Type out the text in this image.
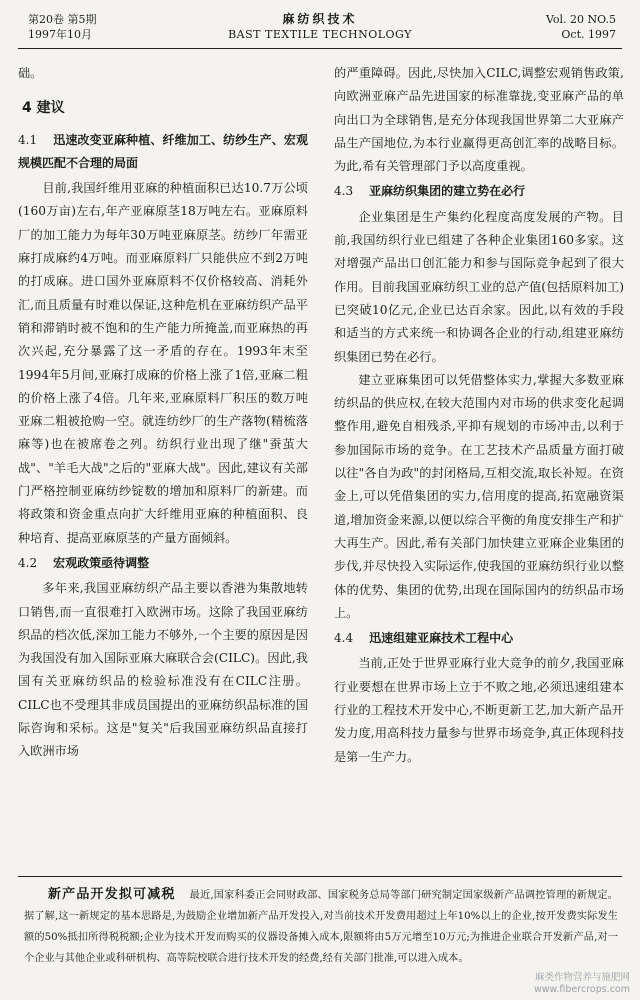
第20卷 第5期
1997年10月
麻纺织技术
BAST TEXTILE TECHNOLOGY
Vol. 20 NO.5
Oct. 1997

础。

4 建议
4.1 迅速改变亚麻种植、纤维加工、纺纱生产、宏观规模匹配不合理的局面

目前,我国纤维用亚麻的种植面积已达10.7万公顷(160万亩)左右,年产亚麻原茎18万吨左右。亚麻原料厂的加工能力为每年30万吨亚麻原茎。纺纱厂年需亚麻打成麻约4万吨。而亚麻原料厂只能供应不到2万吨的打成麻。进口国外亚麻原料不仅价格较高、消耗外汇,而且质量有时难以保证,这种危机在亚麻纺织产品平销和滞销时被不饱和的生产能力所掩盖,而亚麻热的再次兴起,充分暴露了这一矛盾的存在。1993年末至1994年5月间,亚麻打成麻的价格上涨了1倍,亚麻二粗的价格上涨了4倍。几年来,亚麻原料厂积压的数万吨亚麻二粗被抢购一空。就连纺纱厂的生产落物(精梳落麻等)也在被席卷之列。纺织行业出现了继"蚕茧大战"、"羊毛大战"之后的"亚麻大战"。因此,建议有关部门严格控制亚麻纺纱锭数的增加和原料厂的新建。而将政策和资金重点向扩大纤维用亚麻的种植面积、良种培育、提高亚麻原茎的产量方面倾斜。

4.2 宏观政策亟待调整

多年来,我国亚麻纺织产品主要以香港为集散地转口销售,而一直很难打入欧洲市场。这除了我国亚麻纺织品的档次低,深加工能力不够外,一个主要的原因是因为我国没有加入国际亚麻大麻联合会(CILC)。因此,我国有关亚麻纺织品的检验标准没有在CILC注册。CILC也不受理其非成员国提出的亚麻纺织品标准的国际咨询和采标。这是"复关"后我国亚麻纺织品直接打入欧洲市场

的严重障碍。因此,尽快加入CILC,调整宏观销售政策,向欧洲亚麻产品先进国家的标准靠拢,变亚麻产品的单向出口为全球销售,是充分体现我国世界第二大亚麻产品生产国地位,为本行业赢得更高创汇率的战略目标。为此,希有关管理部门予以高度重视。

4.3 亚麻纺织集团的建立势在必行

企业集团是生产集约化程度高度发展的产物。目前,我国纺织行业已组建了各种企业集团160多家。这对增强产品出口创汇能力和参与国际竞争起到了很大作用。目前我国亚麻纺织工业的总产值(包括原料加工)已突破10亿元,企业已达百余家。因此,以有效的手段和适当的方式来统一和协调各企业的行动,组建亚麻纺织集团已势在必行。

建立亚麻集团可以凭借整体实力,掌握大多数亚麻纺织品的供应权,在较大范围内对市场的供求变化起调整作用,避免自相残杀,平抑有规划的市场冲击,以利于参加国际市场的竞争。在工艺技术产品质量方面打破以往"各自为政"的封闭格局,互相交流,取长补短。在资金上,可以凭借集团的实力,信用度的提高,拓宽融资渠道,增加资金来源,以便以综合平衡的角度安排生产和扩大再生产。因此,希有关部门加快建立亚麻企业集团的步伐,并尽快投入实际运作,使我国的亚麻纺织行业以整体的优势、集团的优势,出现在国际国内的纺织品市场上。

4.4 迅速组建亚麻技术工程中心

当前,正处于世界亚麻行业大竞争的前夕,我国亚麻行业要想在世界市场上立于不败之地,必须迅速组建本行业的工程技术开发中心,不断更新工艺,加大新产品开发力度,用高科技力量参与世界市场竞争,真正体现科技是第一生产力。

新产品开发拟可减税 最近,国家科委正会同财政部、国家税务总局等部门研究制定国家级新产品调控管理的新规定。据了解,这一新规定的基本思路是,为鼓励企业增加新产品开发投入,对当前技术开发费用超过上年10%以上的企业,按开发费实际发生额的50%抵扣所得税税额;企业为技术开发而购买的仪器设备摊入成本,限额将由5万元增至10万元;为推进企业联合开发新产品,对一个企业与其他企业或科研机构、高等院校联合进行技术开发的经费,经有关部门批准,可以进入成本。
麻类作物营养与施肥网
www.fibercrops.com
